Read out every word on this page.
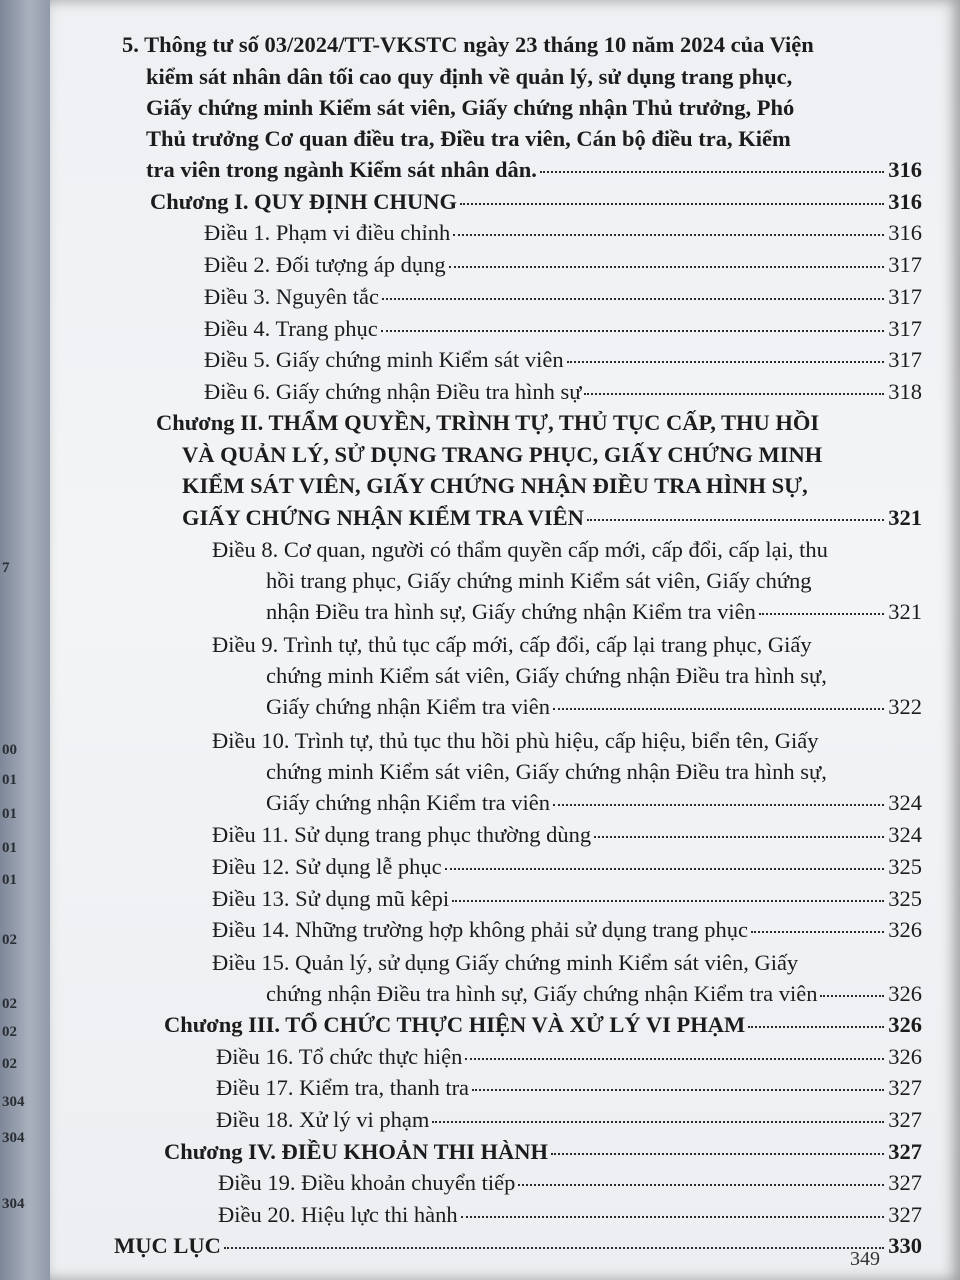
7
00
01
01
01
01
02
02
02
02
304
304
304
5. Thông tư số 03/2024/TT-VKSTC ngày 23 tháng 10 năm 2024 của Viện
kiểm sát nhân dân tối cao quy định về quản lý, sử dụng trang phục,
Giấy chứng minh Kiểm sát viên, Giấy chứng nhận Thủ trưởng, Phó
Thủ trưởng Cơ quan điều tra, Điều tra viên, Cán bộ điều tra, Kiểm
tra viên trong ngành Kiểm sát nhân dân.	316
Chương I. QUY ĐỊNH CHUNG	316
Điều 1. Phạm vi điều chỉnh	316
Điều 2. Đối tượng áp dụng	317
Điều 3. Nguyên tắc	317
Điều 4. Trang phục	317
Điều 5. Giấy chứng minh Kiểm sát viên	317
Điều 6. Giấy chứng nhận Điều tra hình sự	318
Chương II. THẨM QUYỀN, TRÌNH TỰ, THỦ TỤC CẤP, THU HỒI
VÀ QUẢN LÝ, SỬ DỤNG TRANG PHỤC, GIẤY CHỨNG MINH
KIỂM SÁT VIÊN, GIẤY CHỨNG NHẬN ĐIỀU TRA HÌNH SỰ,
GIẤY CHỨNG NHẬN KIỂM TRA VIÊN	321
Điều 8. Cơ quan, người có thẩm quyền cấp mới, cấp đổi, cấp lại, thu
hồi trang phục, Giấy chứng minh Kiểm sát viên, Giấy chứng
nhận Điều tra hình sự, Giấy chứng nhận Kiểm tra viên	321
Điều 9. Trình tự, thủ tục cấp mới, cấp đổi, cấp lại trang phục, Giấy
chứng minh Kiểm sát viên, Giấy chứng nhận Điều tra hình sự,
Giấy chứng nhận Kiểm tra viên	322
Điều 10. Trình tự, thủ tục thu hồi phù hiệu, cấp hiệu, biển tên, Giấy
chứng minh Kiểm sát viên, Giấy chứng nhận Điều tra hình sự,
Giấy chứng nhận Kiểm tra viên	324
Điều 11. Sử dụng trang phục thường dùng	324
Điều 12. Sử dụng lễ phục	325
Điều 13. Sử dụng mũ kêpi	325
Điều 14. Những trường hợp không phải sử dụng trang phục	326
Điều 15. Quản lý, sử dụng Giấy chứng minh Kiểm sát viên, Giấy
chứng nhận Điều tra hình sự, Giấy chứng nhận Kiểm tra viên	326
Chương III. TỔ CHỨC THỰC HIỆN VÀ XỬ LÝ VI PHẠM	326
Điều 16. Tổ chức thực hiện	326
Điều 17. Kiểm tra, thanh tra	327
Điều 18. Xử lý vi phạm	327
Chương IV. ĐIỀU KHOẢN THI HÀNH	327
Điều 19. Điều khoản chuyển tiếp	327
Điều 20. Hiệu lực thi hành	327
MỤC LỤC	330
349
